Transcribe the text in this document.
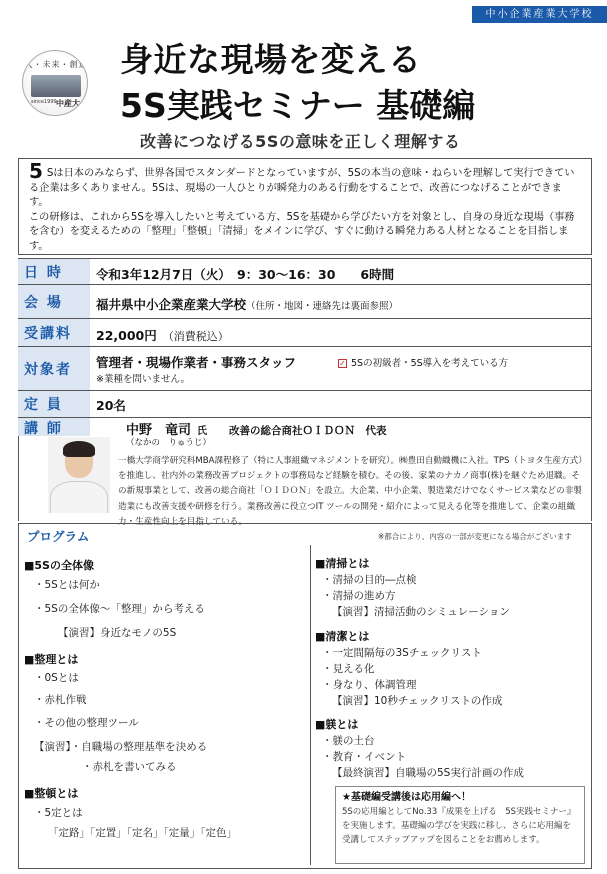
中小企業産業大学校
人・未来・創造
since1999 中産大
身近な現場を変える
5S実践セミナー 基礎編
改善につなげる5Sの意味を正しく理解する

5 Sは日本のみならず、世界各国でスタンダードとなっていますが、5Sの本当の意味・ねらいを理解して実行できている企業は多くありません。5Sは、現場の一人ひとりが瞬発力のある行動をすることで、改善につなげることができます。

この研修は、これから5Sを導入したいと考えている方、5Sを基礎から学びたい方を対象とし、自身の身近な現場（事務を含む）を変えるための「整理」「整頓」「清掃」をメインに学び、すぐに動ける瞬発力ある人材となることを目指します。

日 時	令和3年12月7日（火）　9：30〜16：30　　6時間
会 場	福井県中小企業産業大学校（住所・地図・連絡先は裏面参照）
受講料	22,000円 （消費税込）
対象者	管理者・現場作業者・事務スタッフ
※業種を問いません。
✓ 5Sの初級者・5S導入を考えている方
定 員	20名
講 師	中野　竜司 氏 改善の総合商社ＯＩＤＯＮ　代表
（なかの　りゅうじ）
一橋大学商学研究科MBA課程修了（特に人事組織マネジメントを研究）。㈱豊田自動織機に入社。TPS（トヨタ生産方式）を推進し、社内外の業務改善プロジェクトの事務局など経験を積む。その後、家業のナカノ商事(株)を継ぐため退職。その新規事業として、改善の総合商社「ＯＩＤＯＮ」を設立。大企業、中小企業、製造業だけでなくサービス業などの非製造業にも改善支援や研修を行う。業務改善に役立つIT ツールの開発・紹介によって見える化等を推進して、企業の組織力・生産性向上を目指している。
プログラム	※都合により、内容の一部が変更になる場合がございます
■5Sの全体像
・5Sとは何か
・5Sの全体像〜「整理」から考える
【演習】身近なモノの5S
■整理とは
・0Sとは
・赤札作戦
・その他の整理ツール
【演習】・自職場の整理基準を決める
・赤札を書いてみる
■整頓とは
・5定とは
「定路」「定置」「定名」「定量」「定色」
■清掃とは
・清掃の目的―点検
・清掃の進め方
【演習】清掃活動のシミュレーション
■清潔とは
・一定間隔毎の3Sチェックリスト
・見える化
・身なり、体調管理
【演習】10秒チェックリストの作成
■躾とは
・躾の土台
・教育・イベント
【最終演習】自職場の5S実行計画の作成
★基礎編受講後は応用編へ！
5Sの応用編としてNo.33『成果を上げる　5S実践セミナー』を実施します。基礎編の学びを実践に移し、さらに応用編を受講してステップアップを図ることをお薦めします。
